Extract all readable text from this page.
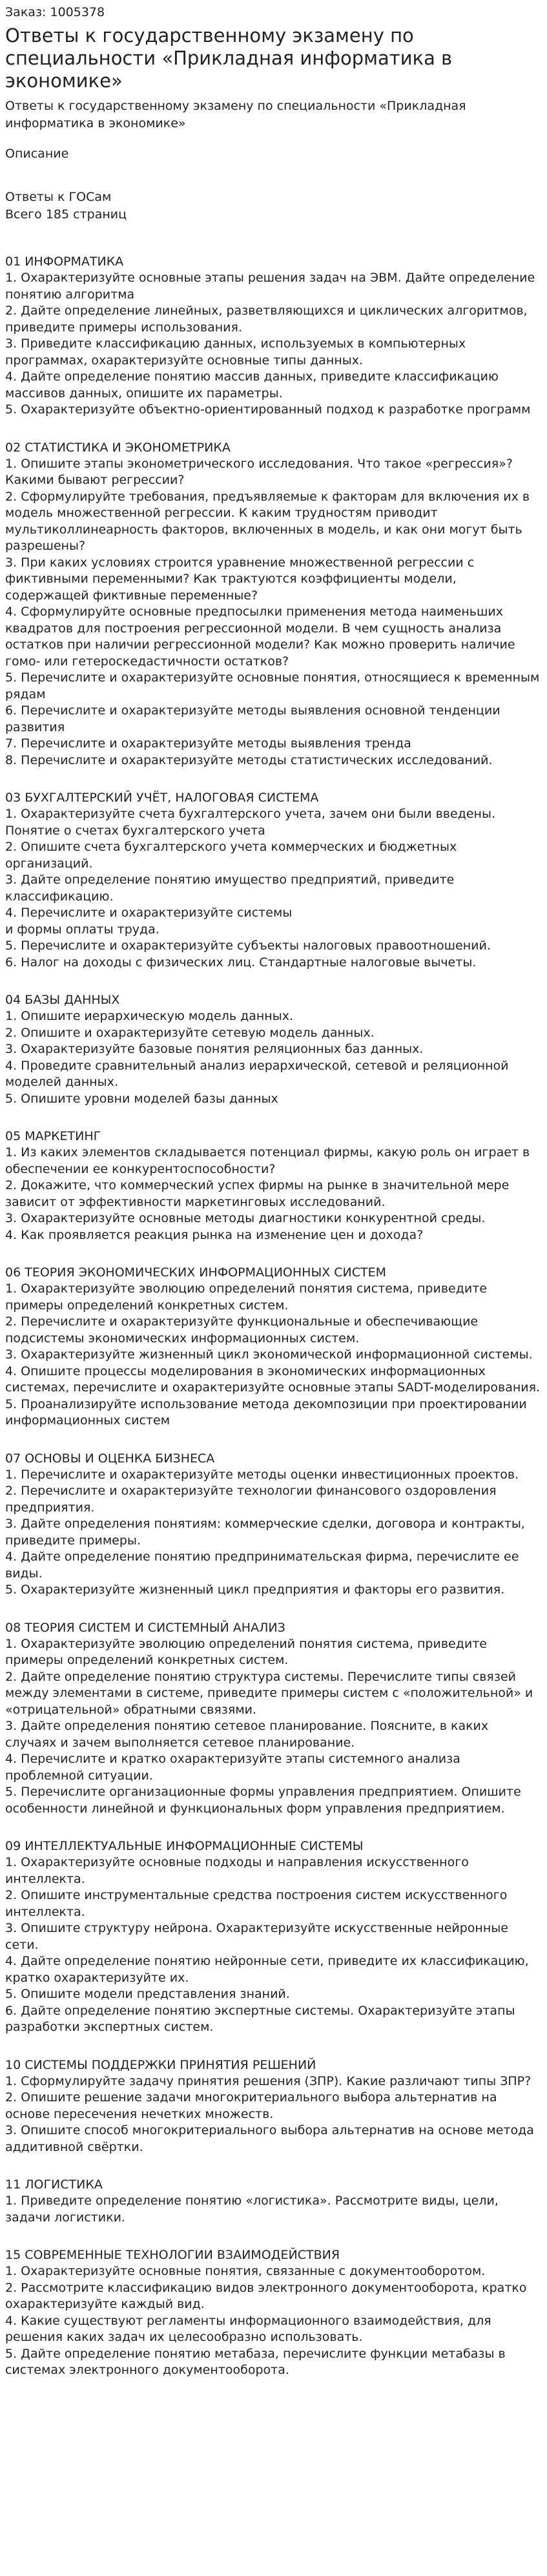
Заказ: 1005378

Ответы к государственному экзамену по специальности «Прикладная информатика в экономике»

Ответы к государственному экзамену по специальности «Прикладная информатика в экономике»

Описание

Ответы к ГОСам

Всего 185 страниц

01 ИНФОРМАТИКА

1. Охарактеризуйте основные этапы решения задач на ЭВМ. Дайте определение понятию алгоритма

2. Дайте определение линейных, разветвляющихся и циклических алгоритмов, приведите примеры использования.

3. Приведите классификацию данных, используемых в компьютерных программах, охарактеризуйте основные типы данных.

4. Дайте определение понятию массив данных, приведите классификацию массивов данных, опишите их параметры.

5. Охарактеризуйте объектно-ориентированный подход к разработке программ

02 СТАТИСТИКА И ЭКОНОМЕТРИКА

1. Опишите этапы эконометрического исследования. Что такое «регрессия»? Какими бывают регрессии?

2. Сформулируйте требования, предъявляемые к факторам для включения их в модель множественной регрессии. К каким трудностям приводит мультиколлинеарность факторов, включенных в модель, и как они могут быть разрешены?

3. При каких условиях строится уравнение множественной регрессии с фиктивными переменными? Как трактуются коэффициенты модели, содержащей фиктивные переменные?

4. Сформулируйте основные предпосылки применения метода наименьших квадратов для построения регрессионной модели. В чем сущность анализа остатков при наличии регрессионной модели? Как можно проверить наличие гомо- или гетероскедастичности остатков?

5. Перечислите и охарактеризуйте основные понятия, относящиеся к временным рядам

6. Перечислите и охарактеризуйте методы выявления основной тенденции развития

7. Перечислите и охарактеризуйте методы выявления тренда

8. Перечислите и охарактеризуйте методы статистических исследований.

03 БУХГАЛТЕРСКИЙ УЧЁТ, НАЛОГОВАЯ СИСТЕМА

1. Охарактеризуйте счета бухгалтерского учета, зачем они были введены. Понятие о счетах бухгалтерского учета

2. Опишите счета бухгалтерского учета коммерческих и бюджетных организаций.

3. Дайте определение понятию имущество предприятий, приведите классификацию.

4. Перечислите и охарактеризуйте системы

и формы оплаты труда.

5. Перечислите и охарактеризуйте субъекты налоговых правоотношений.

6. Налог на доходы с физических лиц. Стандартные налоговые вычеты.

04 БАЗЫ ДАННЫХ

1. Опишите иерархическую модель данных.

2. Опишите и охарактеризуйте сетевую модель данных.

3. Охарактеризуйте базовые понятия реляционных баз данных.

4. Проведите сравнительный анализ иерархической, сетевой и реляционной моделей данных.

5. Опишите уровни моделей базы данных

05 МАРКЕТИНГ

1. Из каких элементов складывается потенциал фирмы, какую роль он играет в обеспечении ее конкурентоспособности?

2. Докажите, что коммерческий успех фирмы на рынке в значительной мере зависит от эффективности маркетинговых исследований.

3. Охарактеризуйте основные методы диагностики конкурентной среды.

4. Как проявляется реакция рынка на изменение цен и дохода?

06 ТЕОРИЯ ЭКОНОМИЧЕСКИХ ИНФОРМАЦИОННЫХ СИСТЕМ

1. Охарактеризуйте эволюцию определений понятия система, приведите примеры определений конкретных систем.

2. Перечислите и охарактеризуйте функциональные и обеспечивающие подсистемы экономических информационных систем.

3. Охарактеризуйте жизненный цикл экономической информационной системы.

4. Опишите процессы моделирования в экономических информационных системах, перечислите и охарактеризуйте основные этапы SADT-моделирования.

5. Проанализируйте использование метода декомпозиции при проектировании информационных систем

07 ОСНОВЫ И ОЦЕНКА БИЗНЕСА

1. Перечислите и охарактеризуйте методы оценки инвестиционных проектов.

2. Перечислите и охарактеризуйте технологии финансового оздоровления предприятия.

3. Дайте определения понятиям: коммерческие сделки, договора и контракты, приведите примеры.

4. Дайте определение понятию предпринимательская фирма, перечислите ее виды.

5. Охарактеризуйте жизненный цикл предприятия и факторы его развития.

08 ТЕОРИЯ СИСТЕМ И СИСТЕМНЫЙ АНАЛИЗ

1. Охарактеризуйте эволюцию определений понятия система, приведите примеры определений конкретных систем.

2. Дайте определение понятию структура системы. Перечислите типы связей между элементами в системе, приведите примеры систем с «положительной» и «отрицательной» обратными связями.

3. Дайте определения понятию сетевое планирование. Поясните, в каких случаях и зачем выполняется сетевое планирование.

4. Перечислите и кратко охарактеризуйте этапы системного анализа проблемной ситуации.

5. Перечислите организационные формы управления предприятием. Опишите особенности линейной и функциональных форм управления предприятием.

09 ИНТЕЛЛЕКТУАЛЬНЫЕ ИНФОРМАЦИОННЫЕ СИСТЕМЫ

1. Охарактеризуйте основные подходы и направления искусственного интеллекта.

2. Опишите инструментальные средства построения систем искусственного интеллекта.

3. Опишите структуру нейрона. Охарактеризуйте искусственные нейронные сети.

4. Дайте определение понятию нейронные сети, приведите их классификацию, кратко охарактеризуйте их.

5. Опишите модели представления знаний.

6. Дайте определение понятию экспертные системы. Охарактеризуйте этапы разработки экспертных систем.

10 СИСТЕМЫ ПОДДЕРЖКИ ПРИНЯТИЯ РЕШЕНИЙ

1. Сформулируйте задачу принятия решения (ЗПР). Какие различают типы ЗПР?

2. Опишите решение задачи многокритериального выбора альтернатив на основе пересечения нечетких множеств.

3. Опишите способ многокритериального выбора альтернатив на основе метода аддитивной свёртки.

11 ЛОГИСТИКА

1. Приведите определение понятию «логистика». Рассмотрите виды, цели, задачи логистики.

15 СОВРЕМЕННЫЕ ТЕХНОЛОГИИ ВЗАИМОДЕЙСТВИЯ

1. Охарактеризуйте основные понятия, связанные с документооборотом.

2. Рассмотрите классификацию видов электронного документооборота, кратко охарактеризуйте каждый вид.

4. Какие существуют регламенты информационного взаимодействия, для решения каких задач их целесообразно использовать.

5. Дайте определение понятию метабаза, перечислите функции метабазы в системах электронного документооборота.
